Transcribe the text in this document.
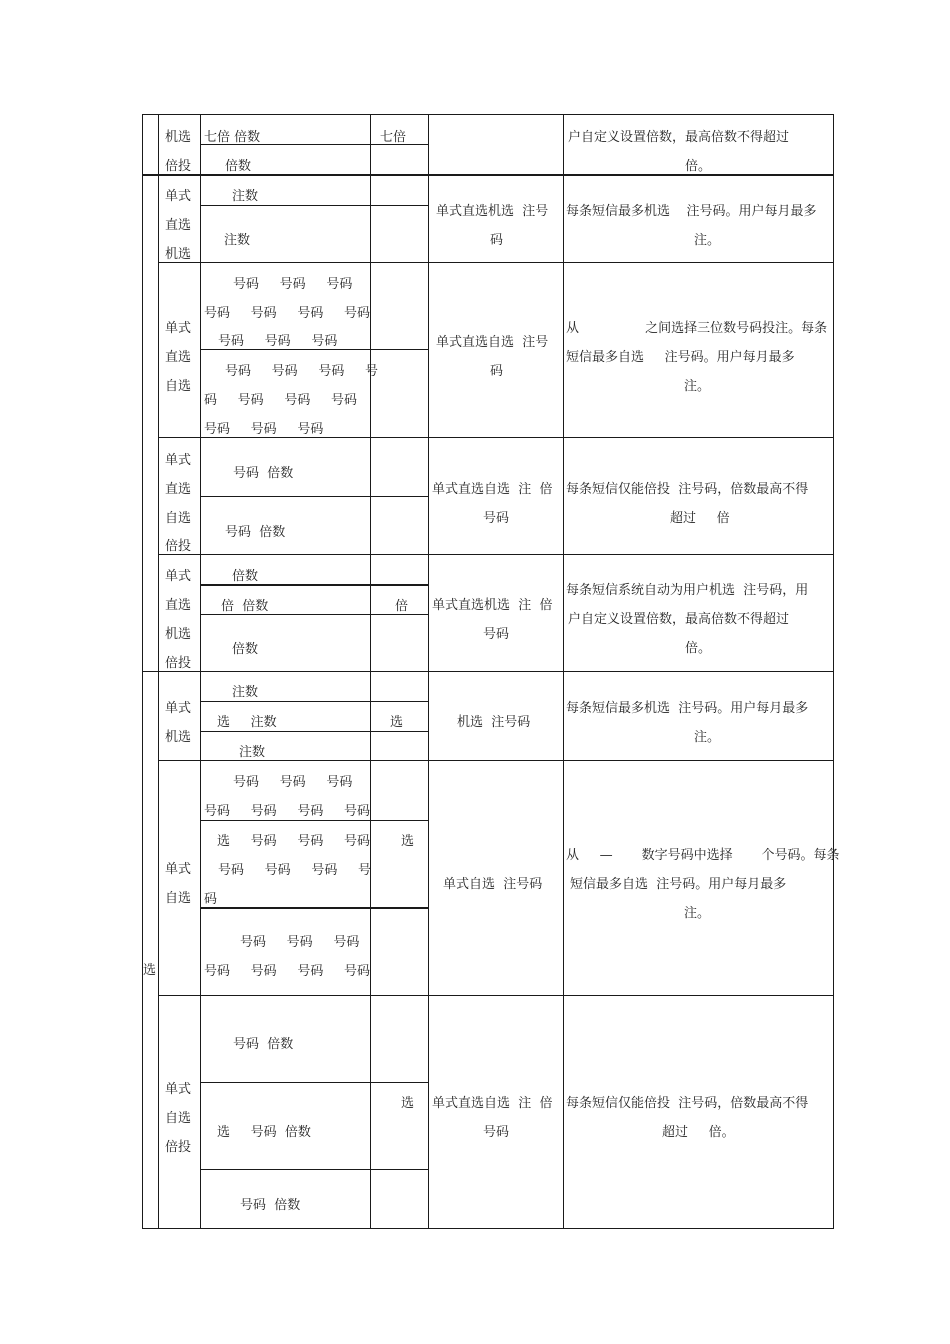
机选
倍投
七倍 倍数
倍数
七倍	户自定义设置倍数，最高倍数不得超过
倍。
单式
直选
机选
注数
注数
单式直选机选  注号
码
每条短信最多机选    注号码。用户每月最多
注。
单式
直选
自选
号码     号码     号码
号码     号码     号码     号码
号码     号码     号码
号码     号码     号码     号
码     号码     号码     号码
号码     号码     号码
单式直选自选  注号
码
从                之间选择三位数号码投注。每条
短信最多自选     注号码。用户每月最多
注。
单式
直选
自选
倍投
号码  倍数
号码  倍数
单式直选自选  注  倍
号码
每条短信仅能倍投  注号码，倍数最高不得
超过     倍
单式
直选
机选
倍投
倍数
倍  倍数
倍数
倍 单式直选机选  注  倍
号码
每条短信系统自动为用户机选  注号码，用
户自定义设置倍数，最高倍数不得超过
倍。
单式
机选
注数
选     注数
注数
选	机选  注号码
每条短信最多机选  注号码。用户每月最多
注。
单式
自选
号码     号码     号码
号码     号码     号码     号码
选     号码     号码     号码
号码     号码     号码     号
码
号码     号码     号码
号码     号码     号码     号码
选
单式自选  注号码
从     —       数字号码中选择       个号码。每条
短信最多自选  注号码。用户每月最多
注。
单式
自选
倍投
号码  倍数
选     号码  倍数
号码  倍数
选 单式直选自选  注  倍
号码
每条短信仅能倍投  注号码，倍数最高不得
超过     倍。
选
